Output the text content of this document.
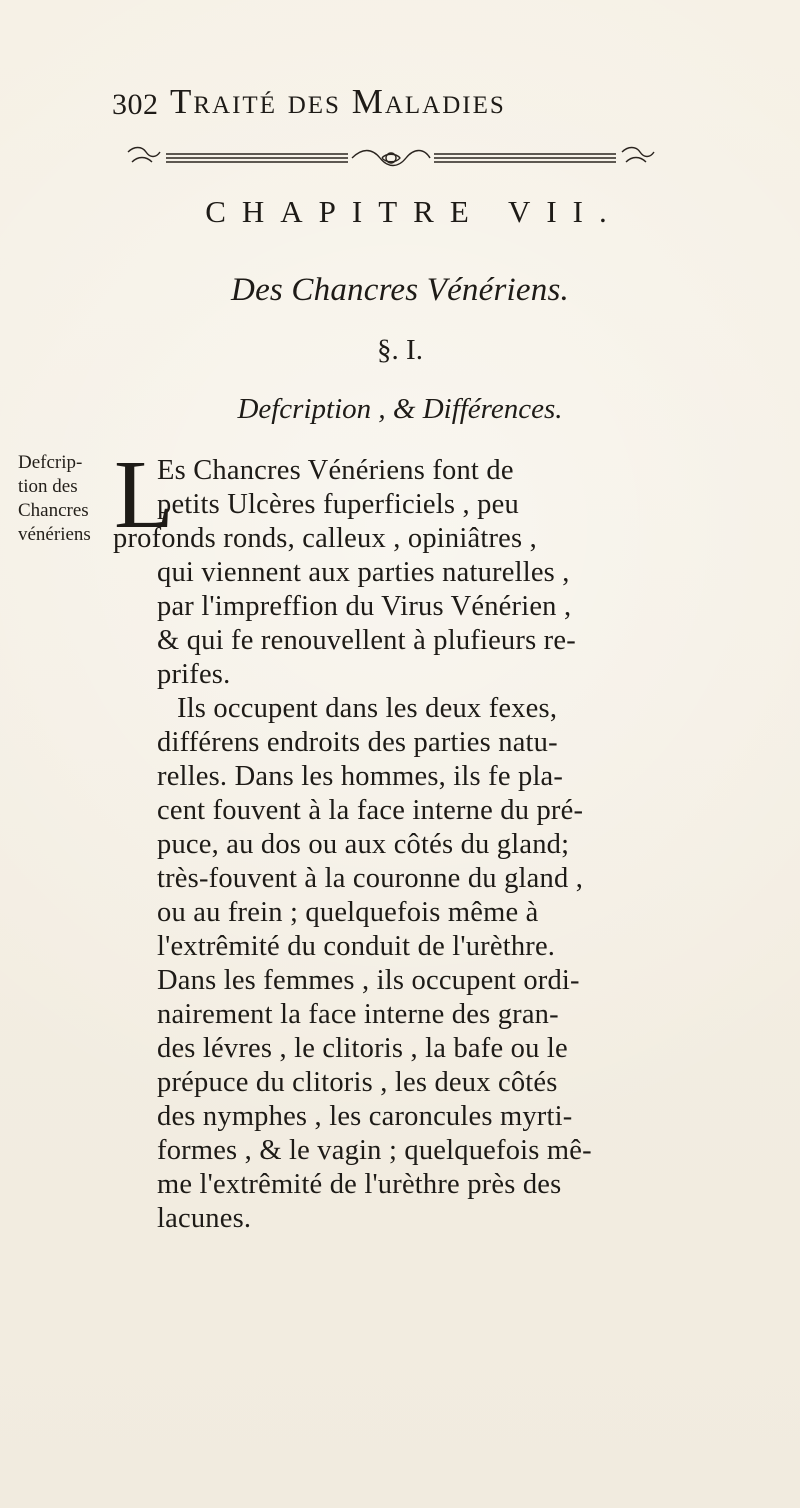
302 Traité des Maladies
CHAPITRE VII.
Des Chancres Vénériens.
§. I.
Defcription , & Différences.
Defcrip-
tion des
Chancres
vénériens L
Es Chancres Vénériens font de
petits Ulcères fuperficiels , peu
profonds ronds, calleux , opiniâtres ,
qui viennent aux parties naturelles ,
par l'impreffion du Virus Vénérien ,
& qui fe renouvellent à plufieurs re-
prifes.
Ils occupent dans les deux fexes,
différens endroits des parties natu-
relles. Dans les hommes, ils fe pla-
cent fouvent à la face interne du pré-
puce, au dos ou aux côtés du gland;
très-fouvent à la couronne du gland ,
ou au frein ; quelquefois même à
l'extrêmité du conduit de l'urèthre.
Dans les femmes , ils occupent ordi-
nairement la face interne des gran-
des lévres , le clitoris , la bafe ou le
prépuce du clitoris , les deux côtés
des nymphes , les caroncules myrti-
formes , & le vagin ; quelquefois mê-
me l'extrêmité de l'urèthre près des
lacunes.
